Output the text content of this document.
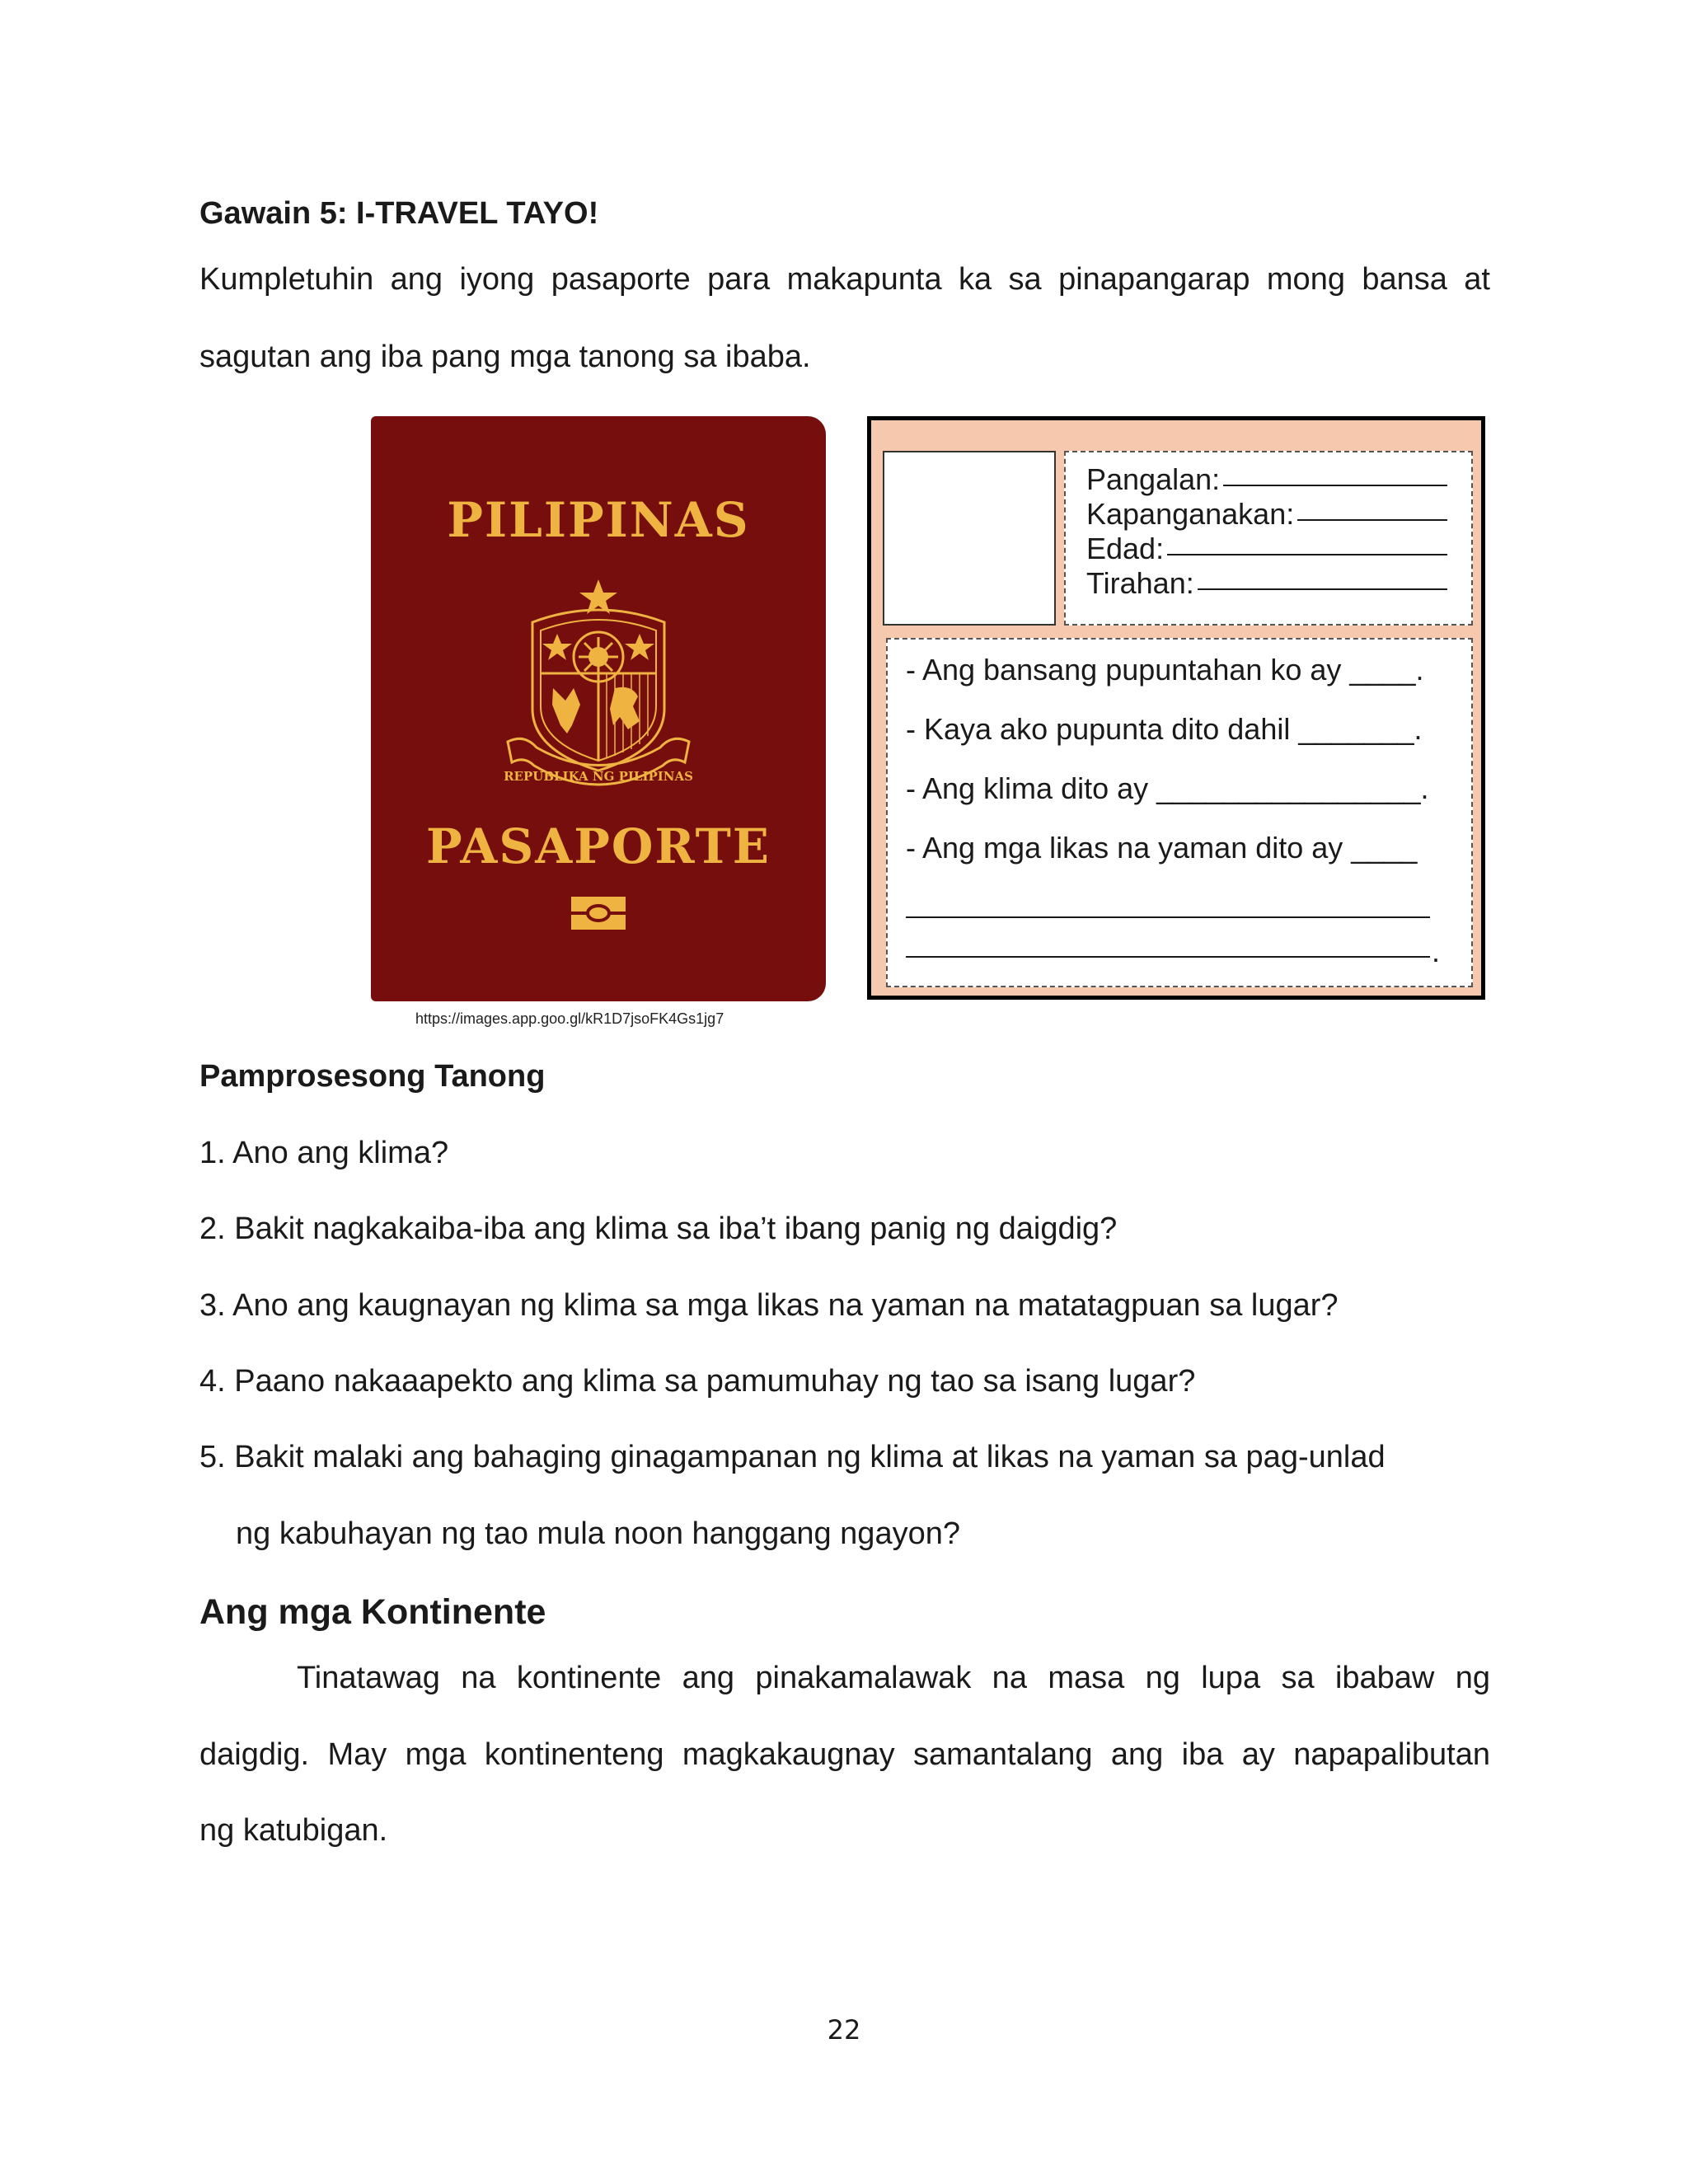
Gawain 5: I-TRAVEL TAYO!

Kumpletuhin ang iyong pasaporte para makapunta ka sa pinapangarap mong bansa at

sagutan ang iba pang mga tanong sa ibaba.

PILIPINAS
REPUBLIKA NG PILIPINAS
PASAPORTE
https://images.app.goo.gl/kR1D7jsoFK4Gs1jg7
Pangalan:
Kapanganakan:
Edad:
Tirahan:
- Ang bansang pupuntahan ko ay ____.
- Kaya ako pupunta dito dahil _______.
- Ang klima dito ay ________________.
- Ang mga likas na yaman dito ay ____
.

Pamprosesong Tanong

1. Ano ang klima?

2. Bakit nagkakaiba-iba ang klima sa iba’t ibang panig ng daigdig?

3. Ano ang kaugnayan ng klima sa mga likas na yaman na matatagpuan sa lugar?

4. Paano nakaaapekto ang klima sa pamumuhay ng tao sa isang lugar?

5. Bakit malaki ang bahaging ginagampanan ng klima at likas na yaman sa pag-unlad

ng kabuhayan ng tao mula noon hanggang ngayon?

Ang mga Kontinente

Tinatawag na kontinente ang pinakamalawak na masa ng lupa sa ibabaw ng

daigdig. May mga kontinenteng magkakaugnay samantalang ang iba ay napapalibutan

ng katubigan.

22
